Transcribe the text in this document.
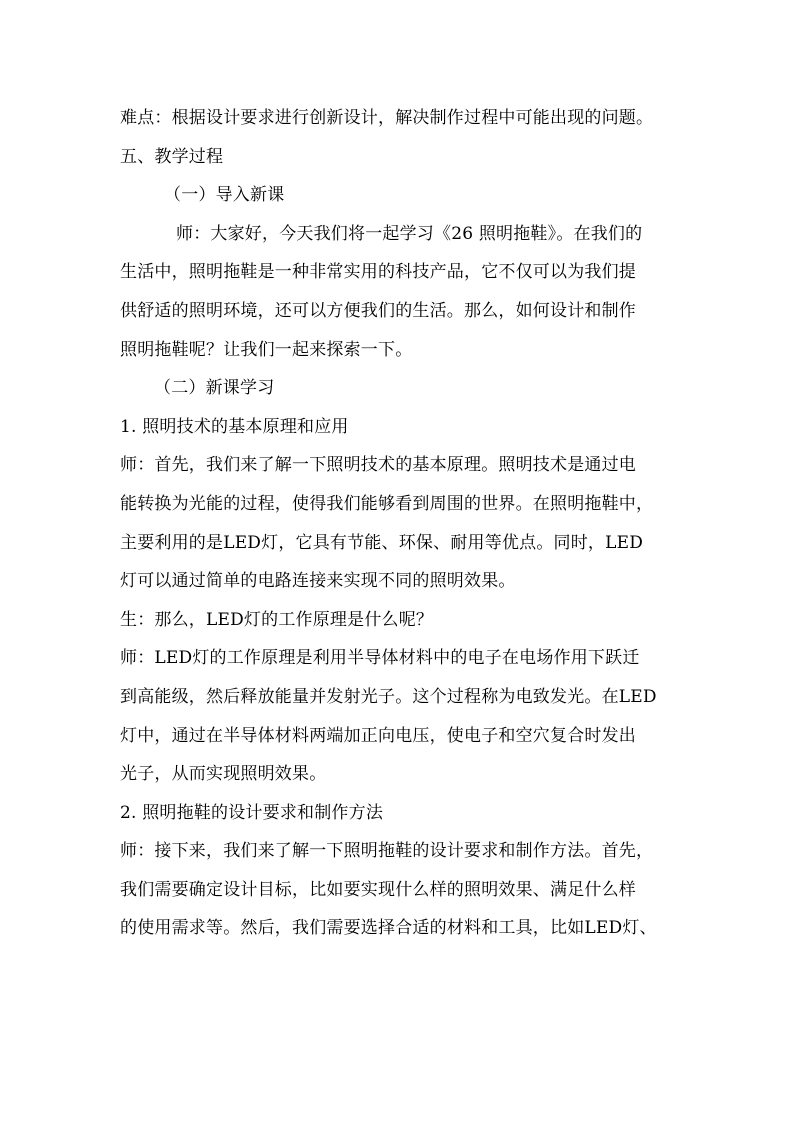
难点：根据设计要求进行创新设计，解决制作过程中可能出现的问题。
五、教学过程
（一）导入新课
师：大家好，今天我们将一起学习《26 照明拖鞋》。在我们的
生活中，照明拖鞋是一种非常实用的科技产品，它不仅可以为我们提
供舒适的照明环境，还可以方便我们的生活。那么，如何设计和制作
照明拖鞋呢？让我们一起来探索一下。
（二）新课学习
1. 照明技术的基本原理和应用
师：首先，我们来了解一下照明技术的基本原理。照明技术是通过电
能转换为光能的过程，使得我们能够看到周围的世界。在照明拖鞋中，
主要利用的是LED灯，它具有节能、环保、耐用等优点。同时，LED
灯可以通过简单的电路连接来实现不同的照明效果。
生：那么，LED灯的工作原理是什么呢？
师：LED灯的工作原理是利用半导体材料中的电子在电场作用下跃迁
到高能级，然后释放能量并发射光子。这个过程称为电致发光。在LED
灯中，通过在半导体材料两端加正向电压，使电子和空穴复合时发出
光子，从而实现照明效果。
2. 照明拖鞋的设计要求和制作方法
师：接下来，我们来了解一下照明拖鞋的设计要求和制作方法。首先，
我们需要确定设计目标，比如要实现什么样的照明效果、满足什么样
的使用需求等。然后，我们需要选择合适的材料和工具，比如LED灯、
